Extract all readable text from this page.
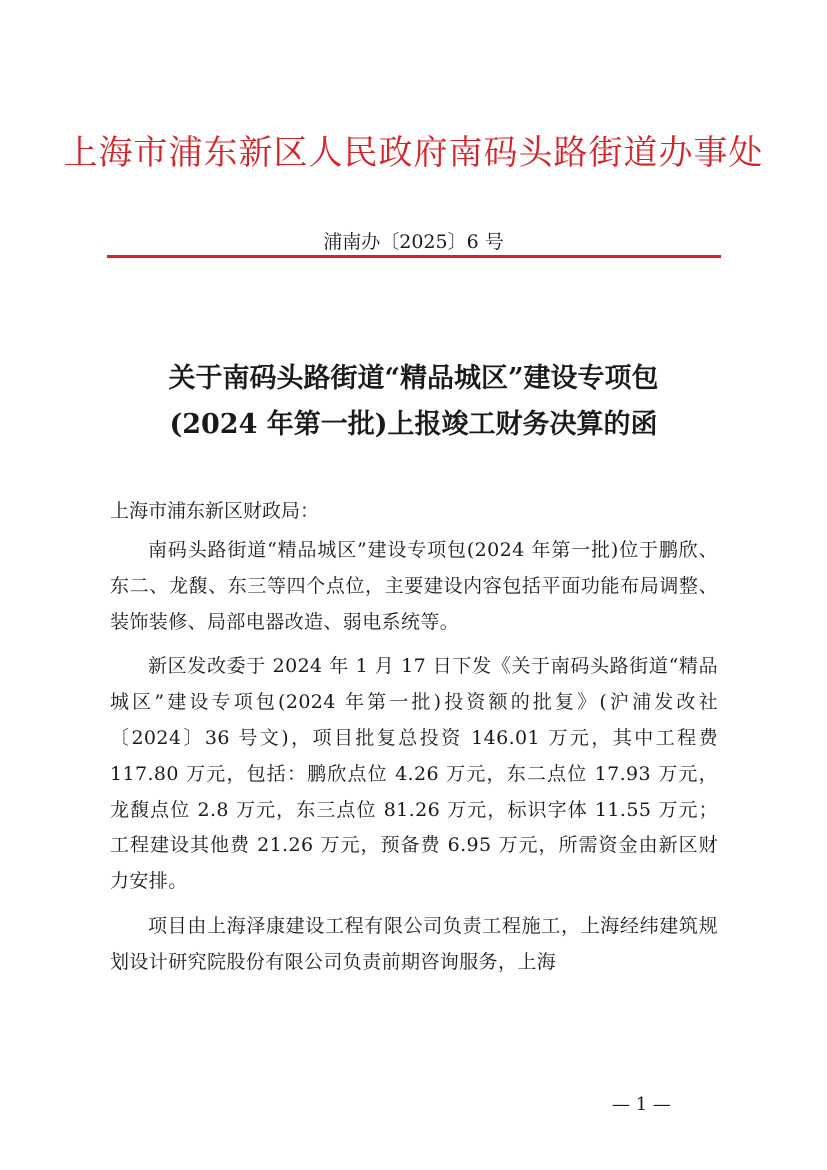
上海市浦东新区人民政府南码头路街道办事处
浦南办〔2025〕6 号
关于南码头路街道“精品城区”建设专项包
(2024 年第一批)上报竣工财务决算的函
上海市浦东新区财政局：

南码头路街道“精品城区”建设专项包(2024 年第一批)位于鹏欣、东二、龙馥、东三等四个点位，主要建设内容包括平面功能布局调整、装饰装修、局部电器改造、弱电系统等。

新区发改委于 2024 年 1 月 17 日下发《关于南码头路街道“精品城区”建设专项包(2024 年第一批)投资额的批复》(沪浦发改社〔2024〕36 号文)，项目批复总投资 146.01 万元，其中工程费 117.80 万元，包括：鹏欣点位 4.26 万元，东二点位 17.93 万元，龙馥点位 2.8 万元，东三点位 81.26 万元，标识字体 11.55 万元；工程建设其他费 21.26 万元，预备费 6.95 万元，所需资金由新区财力安排。

项目由上海泽康建设工程有限公司负责工程施工，上海经纬建筑规划设计研究院股份有限公司负责前期咨询服务，上海

— 1 —
